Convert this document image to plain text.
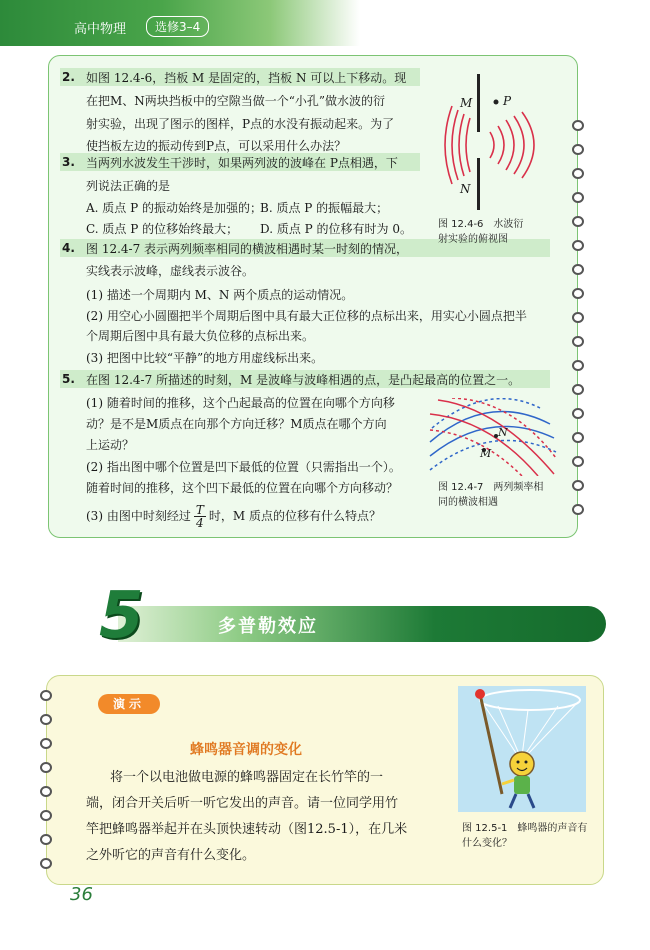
高中物理	选修3–4
2. 如图 12.4-6，挡板 M 是固定的，挡板 N 可以上下移动。现
在把M、N两块挡板中的空隙当做一个“小孔”做水波的衍
射实验，出现了图示的图样，P点的水没有振动起来。为了
使挡板左边的振动传到P点，可以采用什么办法？
3. 当两列水波发生干涉时，如果两列波的波峰在 P点相遇，下
列说法正确的是
A. 质点 P 的振动始终是加强的；
B. 质点 P 的振幅最大；
C. 质点 P 的位移始终最大； D. 质点 P 的位移有时为 0。
4. 图 12.4-7 表示两列频率相同的横波相遇时某一时刻的情况，
实线表示波峰，虚线表示波谷。
(1) 描述一个周期内 M、N 两个质点的运动情况。
(2) 用空心小圆圈把半个周期后图中具有最大正位移的点标出来，用实心小圆点把半
个周期后图中具有最大负位移的点标出来。
(3) 把图中比较“平静”的地方用虚线标出来。
5. 在图 12.4-7 所描述的时刻，M 是波峰与波峰相遇的点，是凸起最高的位置之一。
(1) 随着时间的推移，这个凸起最高的位置在向哪个方向移
动？是不是M质点在向那个方向迁移？M质点在哪个方向
上运动？
(2) 指出图中哪个位置是凹下最低的位置（只需指出一个）。
随着时间的推移，这个凹下最低的位置在向哪个方向移动？
(3) 由图中时刻经过 $\frac{T}{4}$ 时，M 质点的位移有什么特点？
M	P
N
图 12.4-6　水波衍
射实验的俯视图
N
M
图 12.4-7　两列频率相
同的横波相遇
5	多普勒效应
演示
蜂鸣器音调的变化
将一个以电池做电源的蜂鸣器固定在长竹竿的一
端，闭合开关后听一听它发出的声音。请一位同学用竹
竿把蜂鸣器举起并在头顶快速转动（图12.5-1），在几米
之外听它的声音有什么变化。
图 12.5-1　蜂鸣器的声音有
什么变化？
36
